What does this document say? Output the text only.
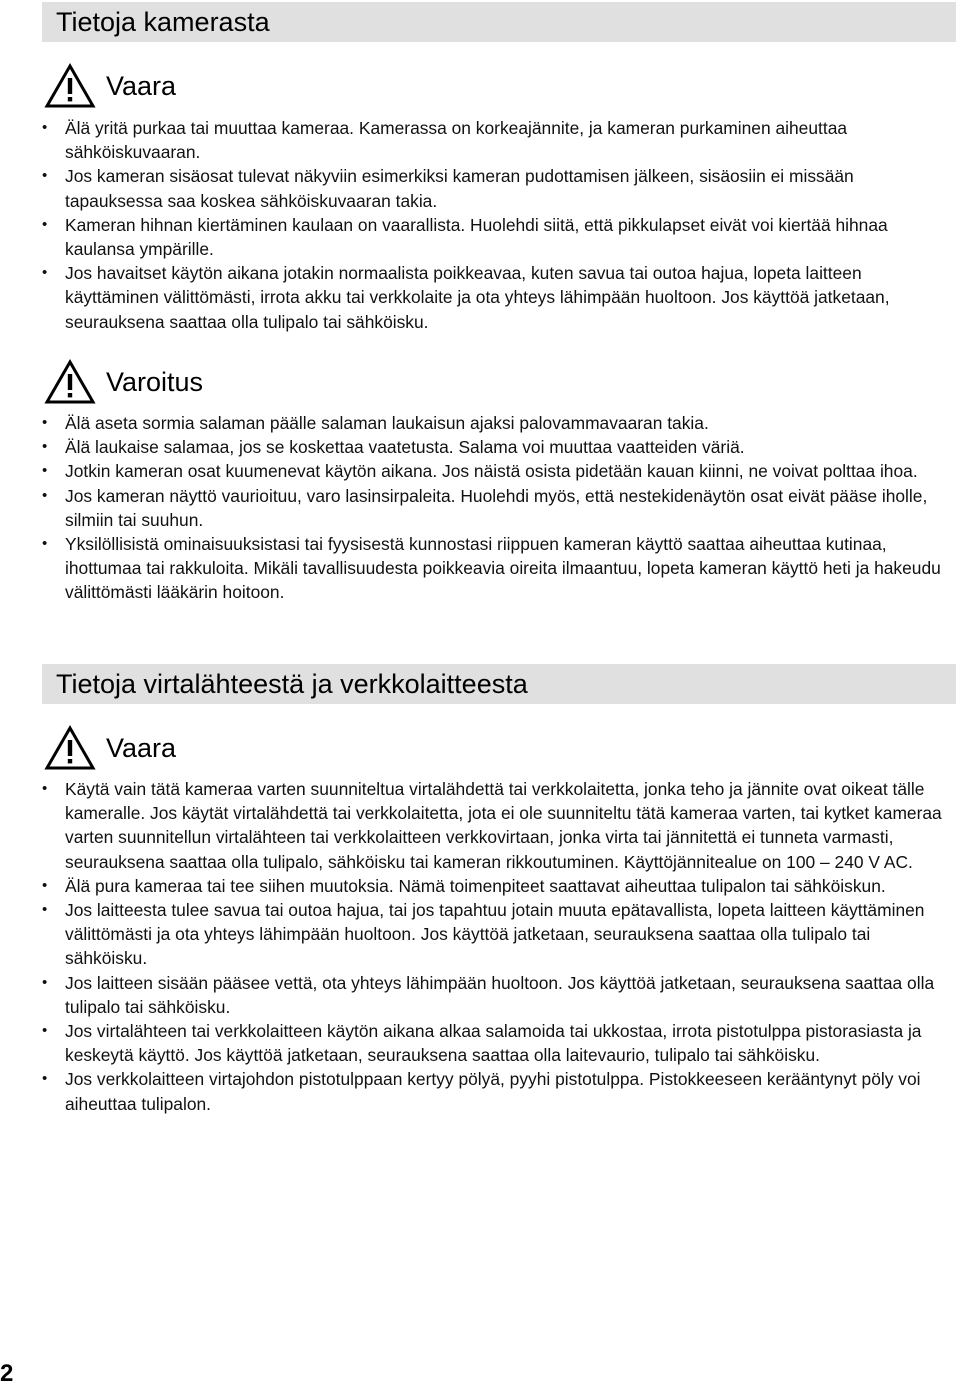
Tietoja kamerasta
Vaara
• Älä yritä purkaa tai muuttaa kameraa. Kamerassa on korkeajännite, ja kameran purkaminen aiheuttaa sähköiskuvaaran.
• Jos kameran sisäosat tulevat näkyviin esimerkiksi kameran pudottamisen jälkeen, sisäosiin ei missään tapauksessa saa koskea sähköiskuvaaran takia.
• Kameran hihnan kiertäminen kaulaan on vaarallista. Huolehdi siitä, että pikkulapset eivät voi kiertää hihnaa kaulansa ympärille.
• Jos havaitset käytön aikana jotakin normaalista poikkeavaa, kuten savua tai outoa hajua, lopeta laitteen käyttäminen välittömästi, irrota akku tai verkkolaite ja ota yhteys lähimpään huoltoon. Jos käyttöä jatketaan, seurauksena saattaa olla tulipalo tai sähköisku.
Varoitus
• Älä aseta sormia salaman päälle salaman laukaisun ajaksi palovammavaaran takia.
• Älä laukaise salamaa, jos se koskettaa vaatetusta. Salama voi muuttaa vaatteiden väriä.
• Jotkin kameran osat kuumenevat käytön aikana. Jos näistä osista pidetään kauan kiinni, ne voivat polttaa ihoa.
• Jos kameran näyttö vaurioituu, varo lasinsirpaleita. Huolehdi myös, että nestekidenäytön osat eivät pääse iholle, silmiin tai suuhun.
• Yksilöllisistä ominaisuuksistasi tai fyysisestä kunnostasi riippuen kameran käyttö saattaa aiheuttaa kutinaa, ihottumaa tai rakkuloita. Mikäli tavallisuudesta poikkeavia oireita ilmaantuu, lopeta kameran käyttö heti ja hakeudu välittömästi lääkärin hoitoon.
Tietoja virtalähteestä ja verkkolaitteesta
Vaara
• Käytä vain tätä kameraa varten suunniteltua virtalähdettä tai verkkolaitetta, jonka teho ja jännite ovat oikeat tälle kameralle. Jos käytät virtalähdettä tai verkkolaitetta, jota ei ole suunniteltu tätä kameraa varten, tai kytket kameraa varten suunnitellun virtalähteen tai verkkolaitteen verkkovirtaan, jonka virta tai jännitettä ei tunneta varmasti, seurauksena saattaa olla tulipalo, sähköisku tai kameran rikkoutuminen. Käyttöjännitealue on 100 – 240 V AC.
• Älä pura kameraa tai tee siihen muutoksia. Nämä toimenpiteet saattavat aiheuttaa tulipalon tai sähköiskun.
• Jos laitteesta tulee savua tai outoa hajua, tai jos tapahtuu jotain muuta epätavallista, lopeta laitteen käyttäminen välittömästi ja ota yhteys lähimpään huoltoon. Jos käyttöä jatketaan, seurauksena saattaa olla tulipalo tai sähköisku.
• Jos laitteen sisään pääsee vettä, ota yhteys lähimpään huoltoon. Jos käyttöä jatketaan, seurauksena saattaa olla tulipalo tai sähköisku.
• Jos virtalähteen tai verkkolaitteen käytön aikana alkaa salamoida tai ukkostaa, irrota pistotulppa pistorasiasta ja keskeytä käyttö. Jos käyttöä jatketaan, seurauksena saattaa olla laitevaurio, tulipalo tai sähköisku.
• Jos verkkolaitteen virtajohdon pistotulppaan kertyy pölyä, pyyhi pistotulppa. Pistokkeeseen kerääntynyt pöly voi aiheuttaa tulipalon.
2
